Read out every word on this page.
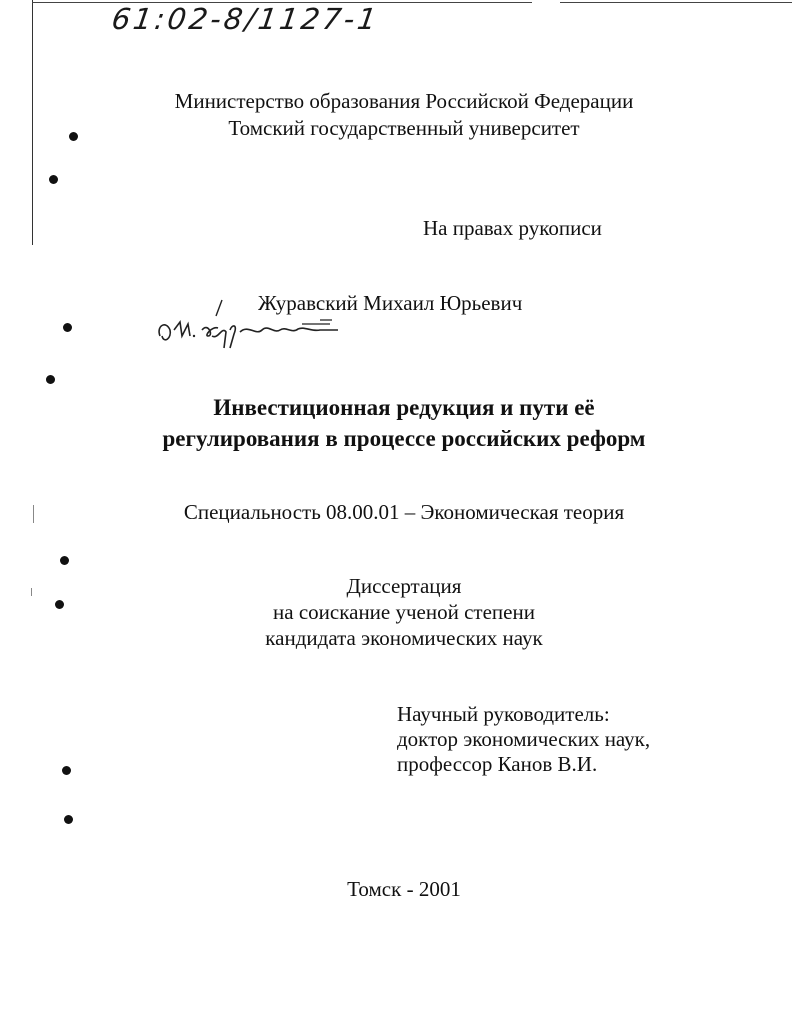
61:02-8/1127-1
Министерство образования Российской Федерации
Томский государственный университет
На правах рукописи
Журавский Михаил Юрьевич
Инвестиционная редукция и пути её
регулирования в процессе российских реформ
Специальность 08.00.01 – Экономическая теория
Диссертация
на соискание ученой степени
кандидата экономических наук
Научный руководитель:
доктор экономических наук,
профессор Канов В.И.
Томск - 2001
